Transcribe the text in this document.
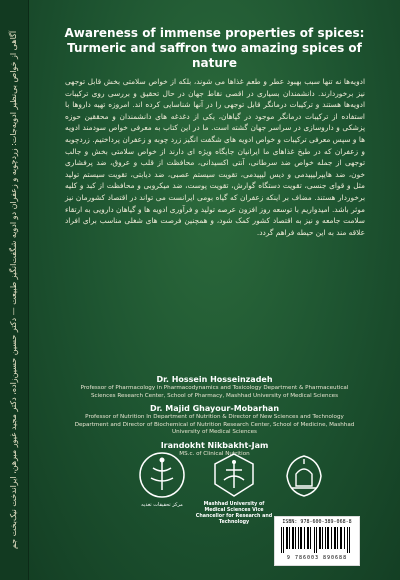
آگاهی از خواص بی‌نظیر ادویه‌جات: زردچوبه و زعفران دو ادویه شگفت‌انگیز طبیعت — دکتر حسین حسین‌زاده، دکتر مجید غیور مبرهن، ایراندخت نیک‌بخت جم	Awareness of immense properties of spices: Turmeric and saffron two amazing spices of nature
ادویه‌ها نه تنها سبب بهبود عطر و طعم غذاها می شوند، بلکه از خواص سلامتی بخش قابل توجهی نیز برخوردارند. دانشمندان بسیاری در اقصی نقاط جهان در حال تحقیق و بررسی روی ترکیبات ادویه‌ها هستند و ترکیبات درمانگر قابل توجهی را در آنها شناسایی کرده اند. امروزه تهیه داروها با استفاده از ترکیبات درمانگر موجود در گیاهان، یکی از دغدغه های دانشمندان و محققین حوزه پزشکی و داروسازی در سراسر جهان گشته است. ما در این کتاب به معرفی خواص سودمند ادویه ها و سپس معرفی ترکیبات و خواص ادویه های شگفت انگیز زرد چوبه و زعفران پرداختیم. زردچوبه و زعفران که در طبخ غذاهای ما ایرانیان جایگاه ویژه ای دارند از خواص سلامتی بخش و جالب توجهی از جمله خواص ضد سرطانی، آنتی اکسیدانی، محافظت از قلب و عروق، ضد پرفشاری خون، ضد هایپرلیپیدمی و دیس لیپیدمی، تقویت سیستم عصبی، ضد دیابتی، تقویت سیستم تولید مثل و قوای جنسی، تقویت دستگاه گوارش، تقویت پوست، ضد میکروبی و محافظت از کبد و کلیه برخوردار هستند. مضاف بر اینکه زعفران که گیاه بومی ایرانست می تواند در اقتصاد کشورمان نیز موثر باشد. امیدواریم با توسعه روز افزون عرصه تولید و فرآوری ادویه ها و گیاهان دارویی به ارتقاء سلامت جامعه و نیز به اقتصاد کشور کمک شود، و همچنین فرصت های شغلی مناسب برای افراد علاقه مند به این حیطه فراهم گردد.
Dr. Hossein Hosseinzadeh
Professor of Pharmacology in Pharmacodynamics and Toxicology Department & Pharmaceutical Sciences Research Center, School of Pharmacy, Mashhad University of Medical Sciences
Dr. Majid Ghayour-Mobarhan
Professor of Nutrition In Department of Nutrition & Director of New Sciences and Technology Department and Director of Biochemical of Nutrition Research Center, School of Medicine, Mashhad University of Medical Sciences
Irandokht Nikbakht-Jam
MS.c. of Clinical Nutrition
مرکز تحقیقات تغذیه	Mashhad University of Medical Sciences Vice Chancellor for Research and Technology	ISBN: 978-600-389-068-8
9 786003 890688
